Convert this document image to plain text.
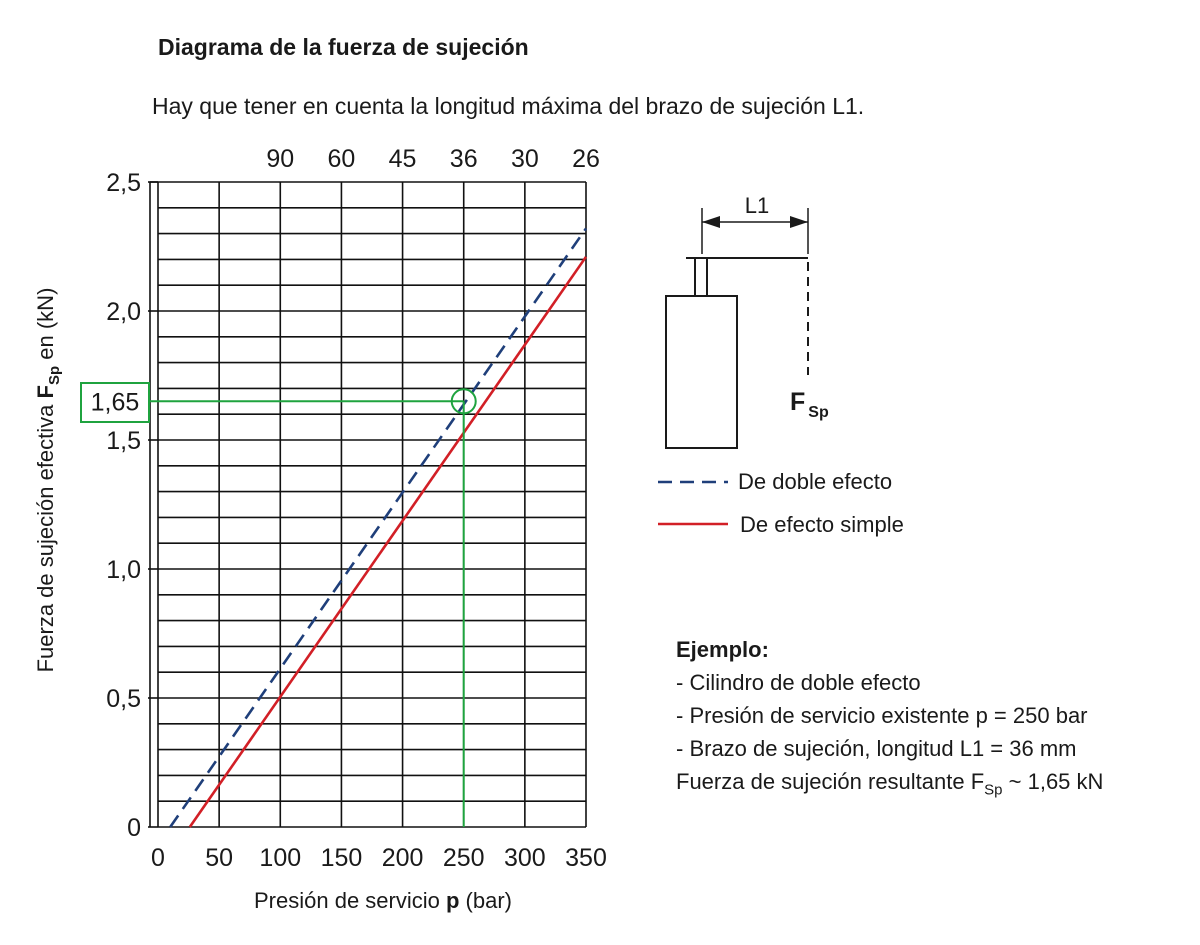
Diagrama de la fuerza de sujeción
Hay que tener en cuenta la longitud máxima del brazo de sujeción L1.
1,65
0
0,5
1,0
1,5
2,0
2,5
0 50 100 150 200 250 300 350
90 60 45 36 30 26
Presión de servicio p (bar)
Fuerza de sujeción efectiva $F_{Sp}$ en (kN)
L1
F $_{Sp}$
De doble efecto
De efecto simple
Ejemplo:
- Cilindro de doble efecto
- Presión de servicio existente p = 250 bar
- Brazo de sujeción, longitud L1 = 36 mm
Fuerza de sujeción resultante $F_{Sp}$ ~ 1,65 kN
